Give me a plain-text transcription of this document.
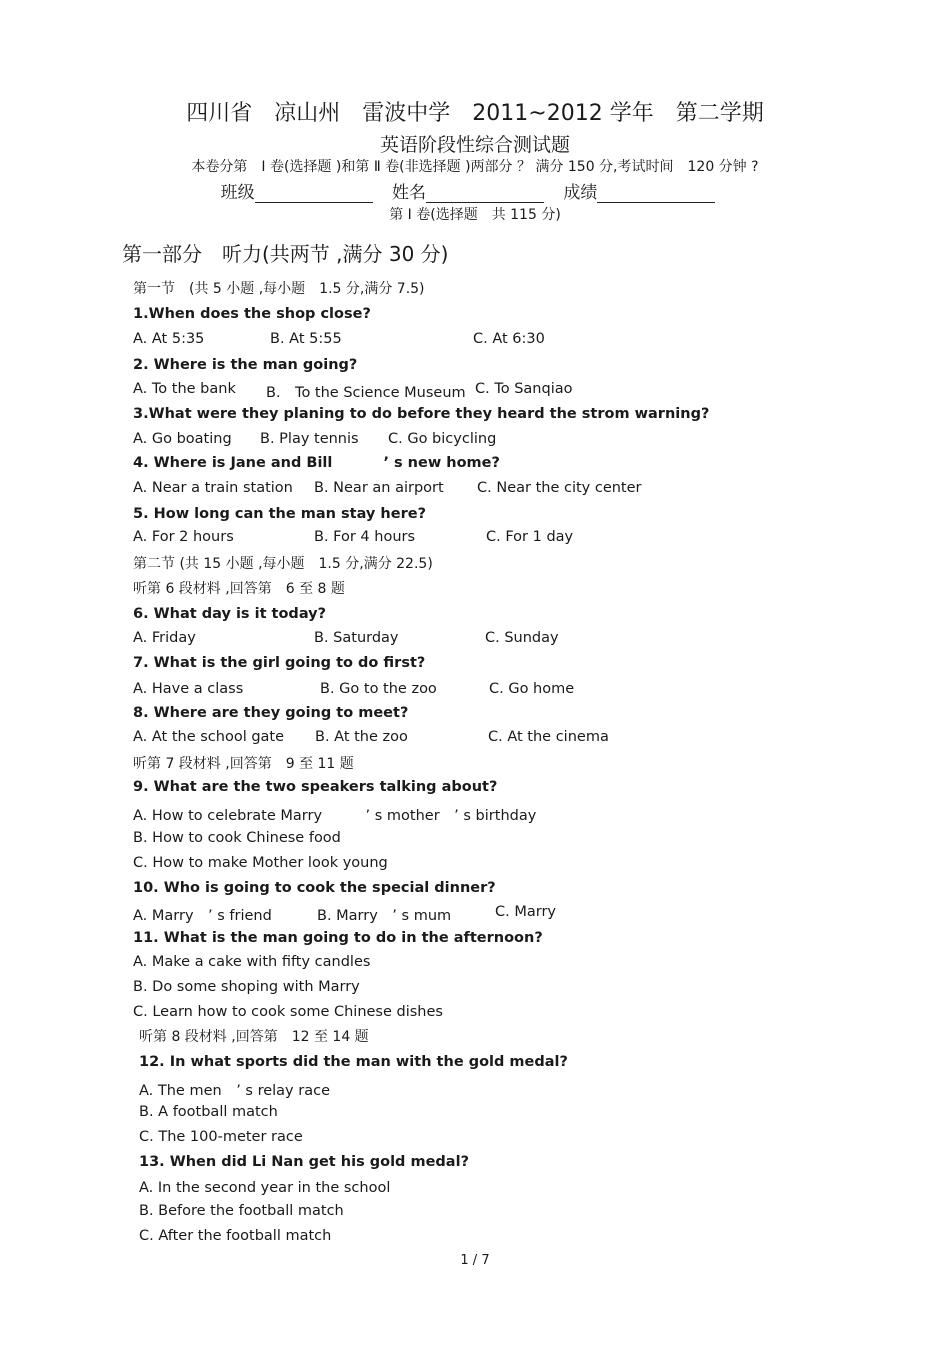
四川省　凉山州　雷波中学　2011~2012 学年　第二学期
英语阶段性综合测试题
本卷分第　Ⅰ 卷(选择题 )和第 Ⅱ 卷(非选择题 )两部分 ？ 满分 150 分,考试时间　120 分钟 ?
班级	姓名	成绩
第 Ⅰ 卷(选择题　共 115 分)
第一部分　听力(共两节 ,满分 30 分)
第一节　(共 5 小题 ,每小题　1.5 分,满分 7.5)
1.When does the shop close?
A. At 5:35	B. At 5:55	C. At 6:30
2. Where is the man going?
A. To the bank B.　To the Science Museum C. To Sanqiao
3.What were they planing to do before they heard the strom warning?
A. Go boating B. Play tennis C. Go bicycling
4. Where is Jane and Bill	’ s new home?
A. Near a train station B. Near an airport C. Near the city center
5. How long can the man stay here?
A. For 2 hours	B. For 4 hours	C. For 1 day
第二节 (共 15 小题 ,每小题　1.5 分,满分 22.5)
听第 6 段材料 ,回答第　6 至 8 题
6. What day is it today?
A. Friday	B. Saturday	C. Sunday
7. What is the girl going to do first?
A. Have a class	B. Go to the zoo	C. Go home
8. Where are they going to meet?
A. At the school gate B. At the zoo	C. At the cinema
听第 7 段材料 ,回答第　9 至 11 题
9. What are the two speakers talking about?
A. How to celebrate Marry　　　’ s mother　’ s birthday
B. How to cook Chinese food
C. How to make Mother look young
10. Who is going to cook the special dinner?
A. Marry　’ s friend	B. Marry　’ s mum	C. Marry
11. What is the man going to do in the afternoon?
A. Make a cake with fifty candles
B. Do some shoping with Marry
C. Learn how to cook some Chinese dishes
听第 8 段材料 ,回答第　12 至 14 题
12. In what sports did the man with the gold medal?
A. The men　’ s relay race
B. A football match
C. The 100-meter race
13. When did Li Nan get his gold medal?
A. In the second year in the school
B. Before the football match
C. After the football match
1 / 7
